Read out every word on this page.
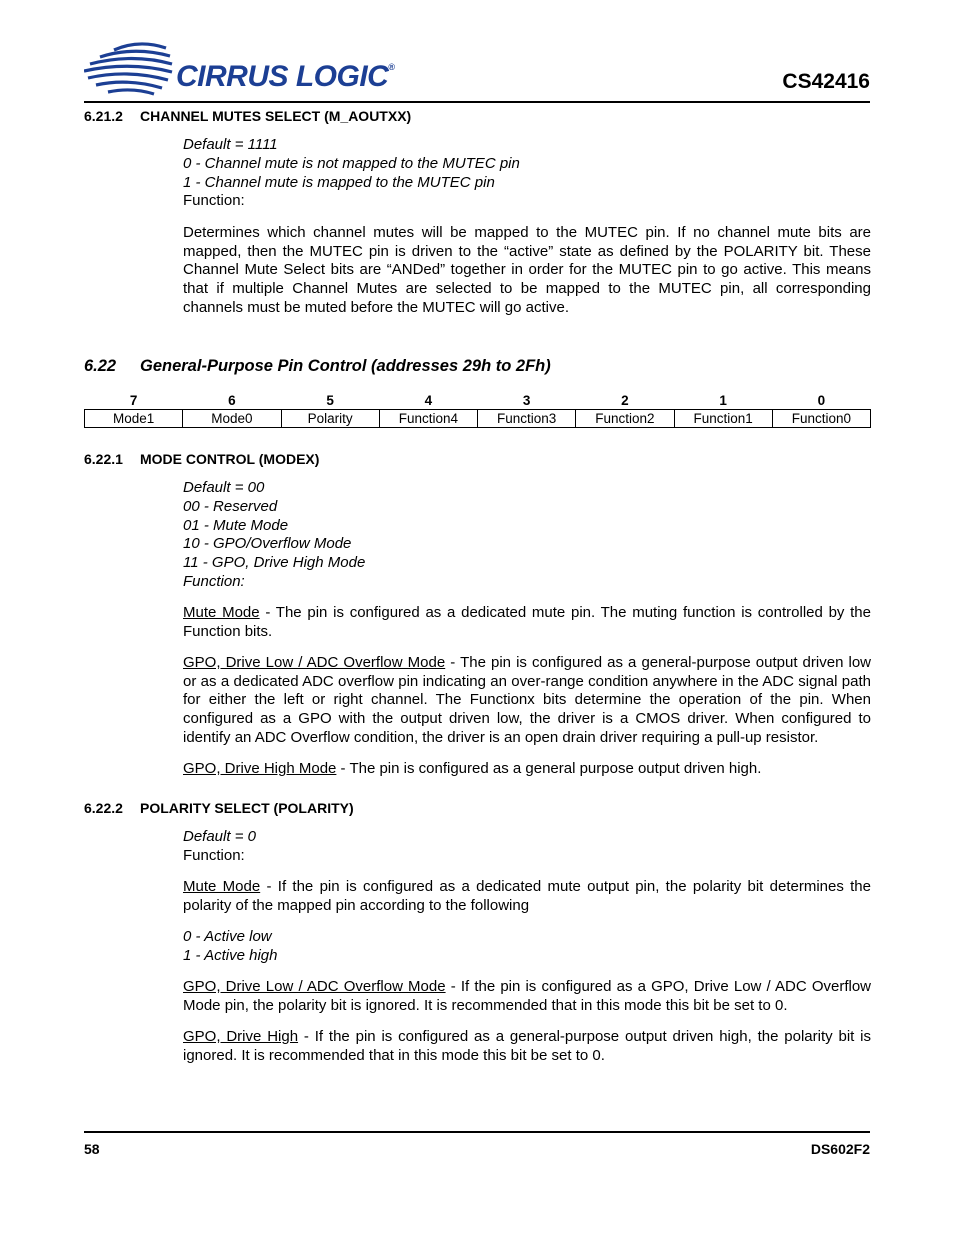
CIRRUS LOGIC®
CS42416
6.21.2 CHANNEL MUTES SELECT (M_AOUTXX)
Default = 1111
0 - Channel mute is not mapped to the MUTEC pin
1 - Channel mute is mapped to the MUTEC pin
Function:
Determines which channel mutes will be mapped to the MUTEC pin. If no channel mute bits are mapped, then the MUTEC pin is driven to the “active” state as defined by the POLARITY bit. These Channel Mute Select bits are “ANDed” together in order for the MUTEC pin to go active. This means that if multiple Channel Mutes are selected to be mapped to the MUTEC pin, all corresponding channels must be muted before the MUTEC will go active.
6.22 General-Purpose Pin Control (addresses 29h to 2Fh)
7	6	5	4	3	2	1	0
Mode1	Mode0	Polarity	Function4	Function3	Function2	Function1	Function0
6.22.1 MODE CONTROL (MODEX)
Default = 00
00 - Reserved
01 - Mute Mode
10 - GPO/Overflow Mode
11 - GPO, Drive High Mode
Function:
Mute Mode - The pin is configured as a dedicated mute pin. The muting function is controlled by the Function bits.
GPO, Drive Low / ADC Overflow Mode - The pin is configured as a general-purpose output driven low or as a dedicated ADC overflow pin indicating an over-range condition anywhere in the ADC signal path for either the left or right channel. The Functionx bits determine the operation of the pin. When configured as a GPO with the output driven low, the driver is a CMOS driver. When configured to identify an ADC Overflow condition, the driver is an open drain driver requiring a pull-up resistor.
GPO, Drive High Mode - The pin is configured as a general purpose output driven high.
6.22.2 POLARITY SELECT (POLARITY)
Default = 0
Function:
Mute Mode - If the pin is configured as a dedicated mute output pin, the polarity bit determines the polarity of the mapped pin according to the following
0 - Active low
1 - Active high
GPO, Drive Low / ADC Overflow Mode - If the pin is configured as a GPO, Drive Low / ADC Overflow Mode pin, the polarity bit is ignored. It is recommended that in this mode this bit be set to 0.
GPO, Drive High - If the pin is configured as a general-purpose output driven high, the polarity bit is ignored. It is recommended that in this mode this bit be set to 0.
58	DS602F2
